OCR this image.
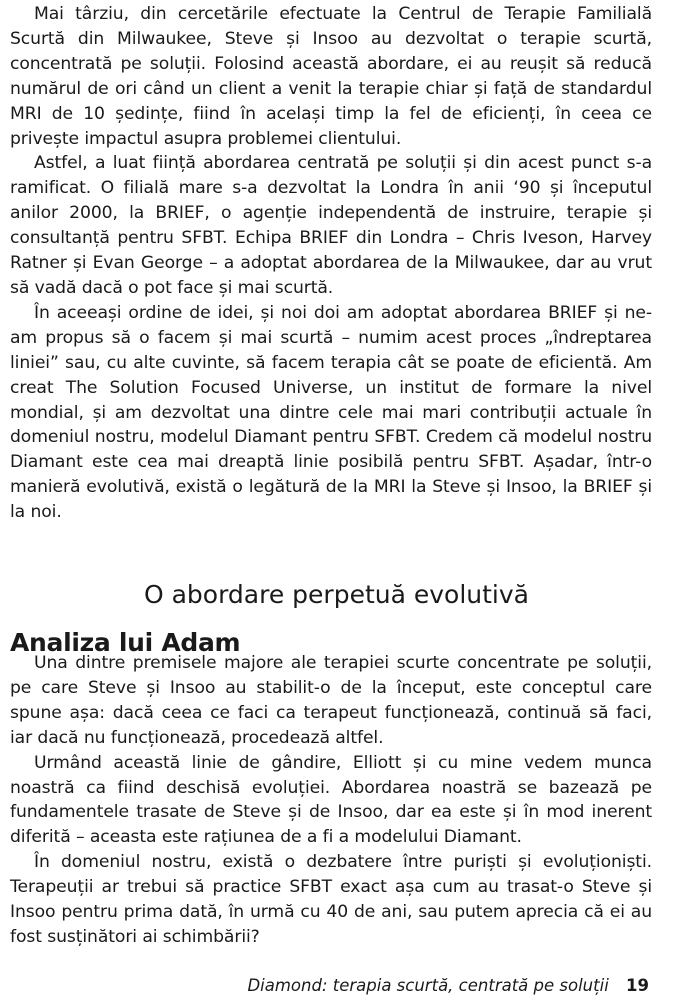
Mai târziu, din cercetările efectuate la Centrul de Terapie Familială Scurtă din Milwaukee, Steve și Insoo au dezvoltat o terapie scurtă, concentrată pe soluții. Folosind această abordare, ei au reușit să reducă numărul de ori când un client a venit la terapie chiar și față de standardul MRI de 10 ședințe, fiind în același timp la fel de eficienți, în ceea ce privește impactul asupra problemei clientului.

Astfel, a luat ființă abordarea centrată pe soluții și din acest punct s-a ramificat. O filială mare s-a dezvoltat la Londra în anii ‘90 și începutul anilor 2000, la BRIEF, o agenție independentă de instruire, terapie și consultanță pentru SFBT. Echipa BRIEF din Londra – Chris Iveson, Harvey Ratner și Evan George – a adoptat abordarea de la Milwaukee, dar au vrut să vadă dacă o pot face și mai scurtă.

În aceeași ordine de idei, și noi doi am adoptat abordarea BRIEF și ne-am propus să o facem și mai scurtă – numim acest proces „îndreptarea liniei” sau, cu alte cuvinte, să facem terapia cât se poate de eficientă. Am creat The Solution Focused Universe, un institut de formare la nivel mondial, și am dezvoltat una dintre cele mai mari contribuții actuale în domeniul nostru, modelul Diamant pentru SFBT. Credem că modelul nostru Diamant este cea mai dreaptă linie posibilă pentru SFBT. Așadar, într-o manieră evolutivă, există o legătură de la MRI la Steve și Insoo, la BRIEF și la noi.

O abordare perpetuă evolutivă
Analiza lui Adam

Una dintre premisele majore ale terapiei scurte concentrate pe soluții, pe care Steve și Insoo au stabilit-o de la început, este conceptul care spune așa: dacă ceea ce faci ca terapeut funcționează, continuă să faci, iar dacă nu funcționează, procedează altfel.

Urmând această linie de gândire, Elliott și cu mine vedem munca noastră ca fiind deschisă evoluției. Abordarea noastră se bazează pe fundamentele trasate de Steve și de Insoo, dar ea este și în mod inerent diferită – aceasta este rațiunea de a fi a modelului Diamant.

În domeniul nostru, există o dezbatere între puriști și evoluționiști. Terapeuții ar trebui să practice SFBT exact așa cum au trasat-o Steve și Insoo pentru prima dată, în urmă cu 40 de ani, sau putem aprecia că ei au fost susținători ai schimbării?

Diamond: terapia scurtă, centrată pe soluții 19
